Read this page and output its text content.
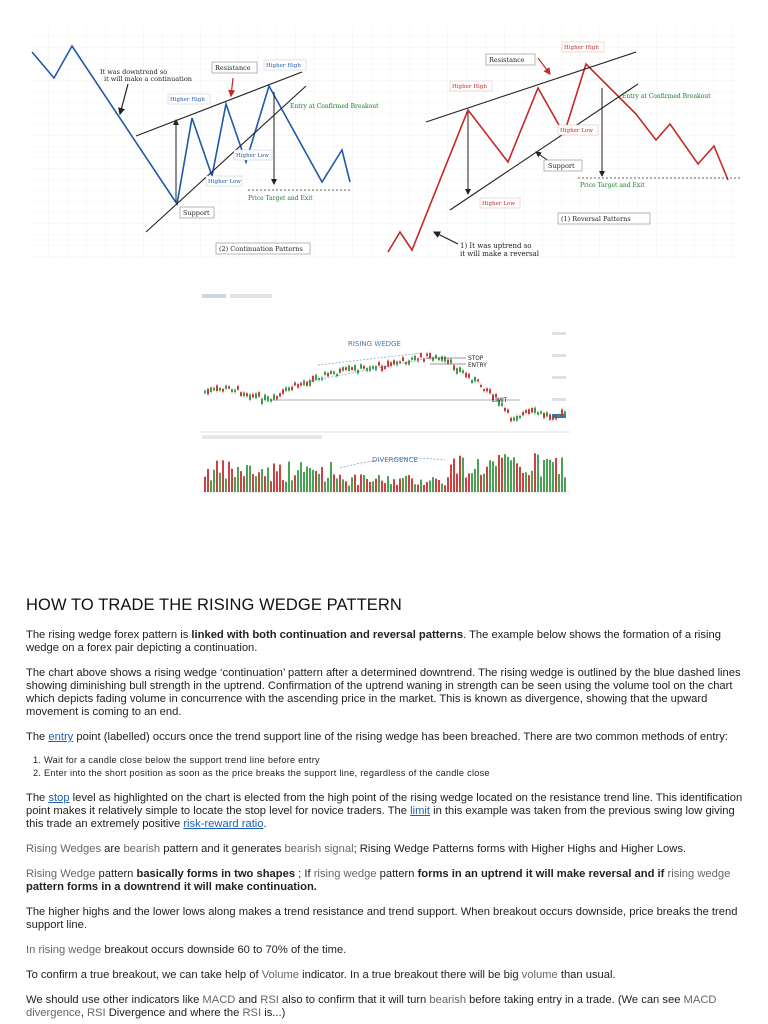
It was downtrend so
it will make a continuation
Resistance
Higher High
Higher High
Entry at Confirmed Breakout
Higher Low
Higher Low
Support
Price Target and Exit
(2) Continuation Patterns
Higher High
Higher High
Resistance
Entry at Confirmed Breakout
Higher Low
Higher Low
Support
Price Target and Exit
(1) Reversal Patterns
1) It was uptrend so
it will make a reversal
RISING WEDGE
STOP
ENTRY
LIMIT
DIVERGENCE
HOW TO TRADE THE RISING WEDGE PATTERN

The rising wedge forex pattern is linked with both continuation and reversal patterns. The example below shows the formation of a rising wedge on a forex pair depicting a continuation.

The chart above shows a rising wedge ‘continuation’ pattern after a determined downtrend. The rising wedge is outlined by the blue dashed lines showing diminishing bull strength in the uptrend. Confirmation of the uptrend waning in strength can be seen using the volume tool on the chart which depicts fading volume in concurrence with the ascending price in the market. This is known as divergence, showing that the upward movement is coming to an end.

The entry point (labelled) occurs once the trend support line of the rising wedge has been breached. There are two common methods of entry:

1. Wait for a candle close below the support trend line before entry
2. Enter into the short position as soon as the price breaks the support line, regardless of the candle close

The stop level as highlighted on the chart is elected from the high point of the rising wedge located on the resistance trend line. This identification point makes it relatively simple to locate the stop level for novice traders. The limit in this example was taken from the previous swing low giving this trade an extremely positive risk-reward ratio.

Rising Wedges are bearish pattern and it generates bearish signal; Rising Wedge Patterns forms with Higher Highs and Higher Lows.

Rising Wedge pattern basically forms in two shapes ; If rising wedge pattern forms in an uptrend it will make reversal and if rising wedge pattern forms in a downtrend it will make continuation.

The higher highs and the lower lows along makes a trend resistance and trend support. When breakout occurs downside, price breaks the trend support line.

In rising wedge breakout occurs downside 60 to 70% of the time.

To confirm a true breakout, we can take help of Volume indicator. In a true breakout there will be big volume than usual.

We should use other indicators like MACD and RSI also to confirm that it will turn bearish before taking entry in a trade. (We can see MACD divergence, RSI Divergence and where the RSI is...)
